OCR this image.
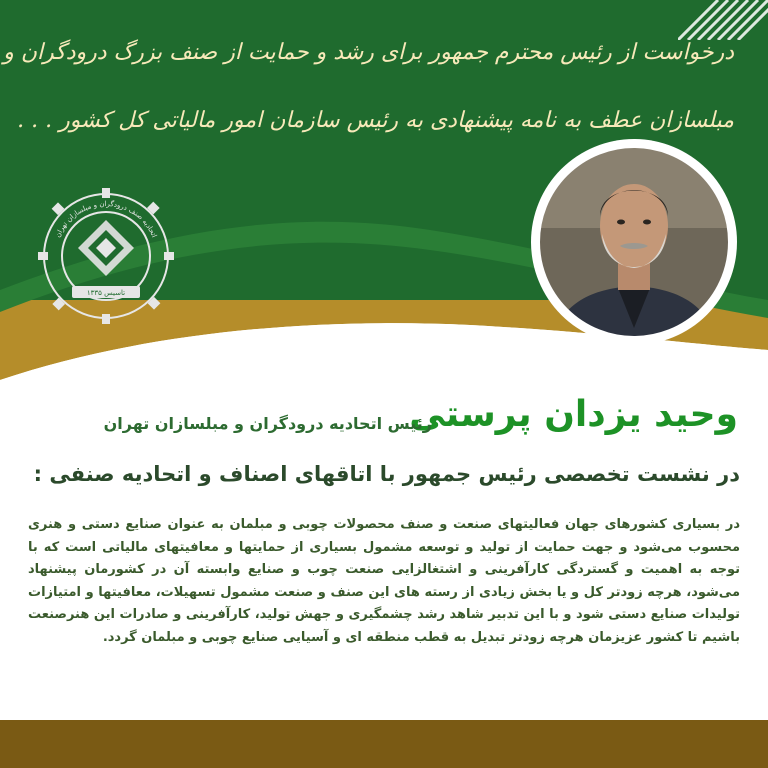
درخواست از رئیس محترم جمهور برای رشد و حمایت از صنف بزرگ درودگران و
مبلسازان عطف به نامه پیشنهادی به رئیس سازمان امور مالیاتی کل کشور . . .
تاسیس ۱۳۳۵
اتحادیه صنف درودگران و مبلسازان تهران
وحید یزدان پرستی
رئیس اتحادیه درودگران و مبلسازان تهران
در نشست تخصصی رئیس جمهور با اتاقهای اصناف و اتحادیه صنفی :
در بسیاری کشورهای جهان فعالیتهای صنعت و صنف محصولات چوبی و مبلمان به عنوان صنایع دستی و هنری محسوب می‌شود و جهت حمایت از تولید و توسعه مشمول بسیاری از حمایتها و معافیتهای مالیاتی است که با توجه به اهمیت و گستردگی کارآفرینی و اشتغالزایی صنعت چوب و صنایع وابسته آن در کشورمان پیشنهاد می‌شود، هرچه زودتر کل و یا بخش زیادی از رسته های این صنف و صنعت مشمول تسهیلات، معافیتها و امتیازات تولیدات صنایع دستی شود و با این تدبیر شاهد رشد چشمگیری و جهش تولید، کارآفرینی و صادرات این هنرصنعت باشیم تا کشور عزیزمان هرچه زودتر تبدیل به قطب منطقه ای و آسیایی صنایع چوبی و مبلمان گردد.
